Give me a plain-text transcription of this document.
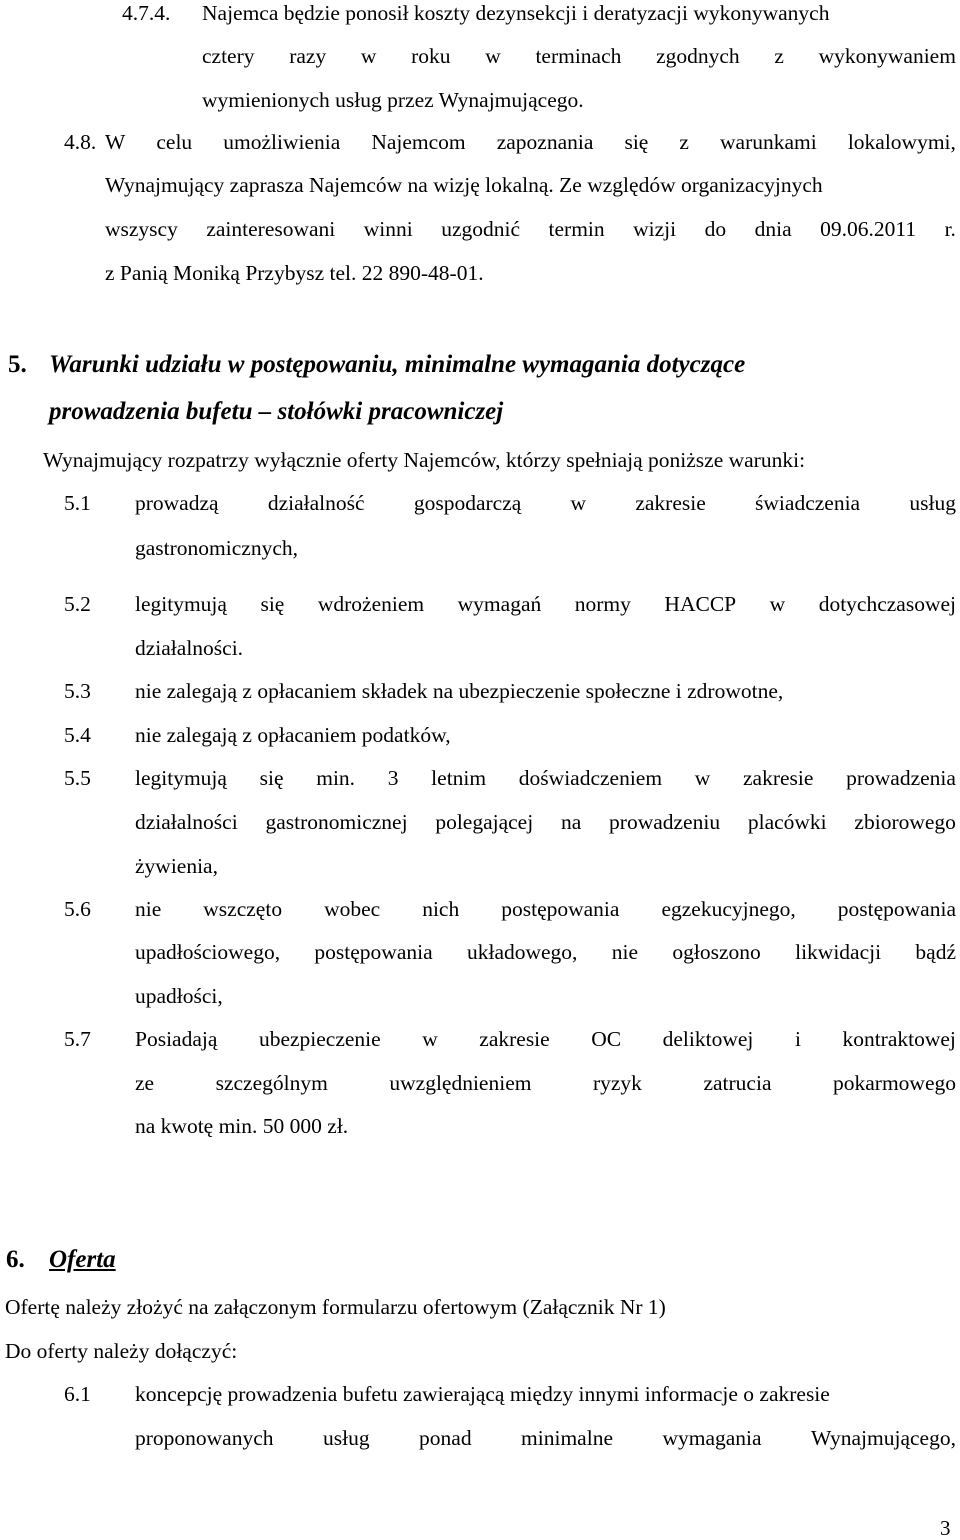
4.7.4. Najemca będzie ponosił koszty dezynsekcji i deratyzacji wykonywanych
cztery razy w roku w terminach zgodnych z wykonywaniem
wymienionych usług przez Wynajmującego.
4.8. W celu umożliwienia Najemcom zapoznania się z warunkami lokalowymi,
Wynajmujący zaprasza Najemców na wizję lokalną. Ze względów organizacyjnych
wszyscy zainteresowani winni uzgodnić termin wizji do dnia 09.06.2011 r.
z Panią Moniką Przybysz tel. 22 890-48-01.
5. Warunki udziału w postępowaniu, minimalne wymagania dotyczące
prowadzenia bufetu – stołówki pracowniczej
Wynajmujący rozpatrzy wyłącznie oferty Najemców, którzy spełniają poniższe warunki:
5.1 prowadzą działalność gospodarczą w zakresie świadczenia usług
gastronomicznych,
5.2 legitymują się wdrożeniem wymagań normy HACCP w dotychczasowej
działalności.
5.3 nie zalegają z opłacaniem składek na ubezpieczenie społeczne i zdrowotne,
5.4 nie zalegają z opłacaniem podatków,
5.5 legitymują się min. 3 letnim doświadczeniem w zakresie prowadzenia
działalności gastronomicznej polegającej na prowadzeniu placówki zbiorowego
żywienia,
5.6 nie wszczęto wobec nich postępowania egzekucyjnego, postępowania
upadłościowego, postępowania układowego, nie ogłoszono likwidacji bądź
upadłości,
5.7 Posiadają ubezpieczenie w zakresie OC deliktowej i kontraktowej
ze	szczególnym	uwzględnieniem	ryzyk	zatrucia	pokarmowego
na kwotę min. 50 000 zł.
6. Oferta
Ofertę należy złożyć na załączonym formularzu ofertowym (Załącznik Nr 1)
Do oferty należy dołączyć:
6.1 koncepcję prowadzenia bufetu zawierającą między innymi informacje o zakresie
proponowanych usług ponad minimalne wymagania Wynajmującego,
3
